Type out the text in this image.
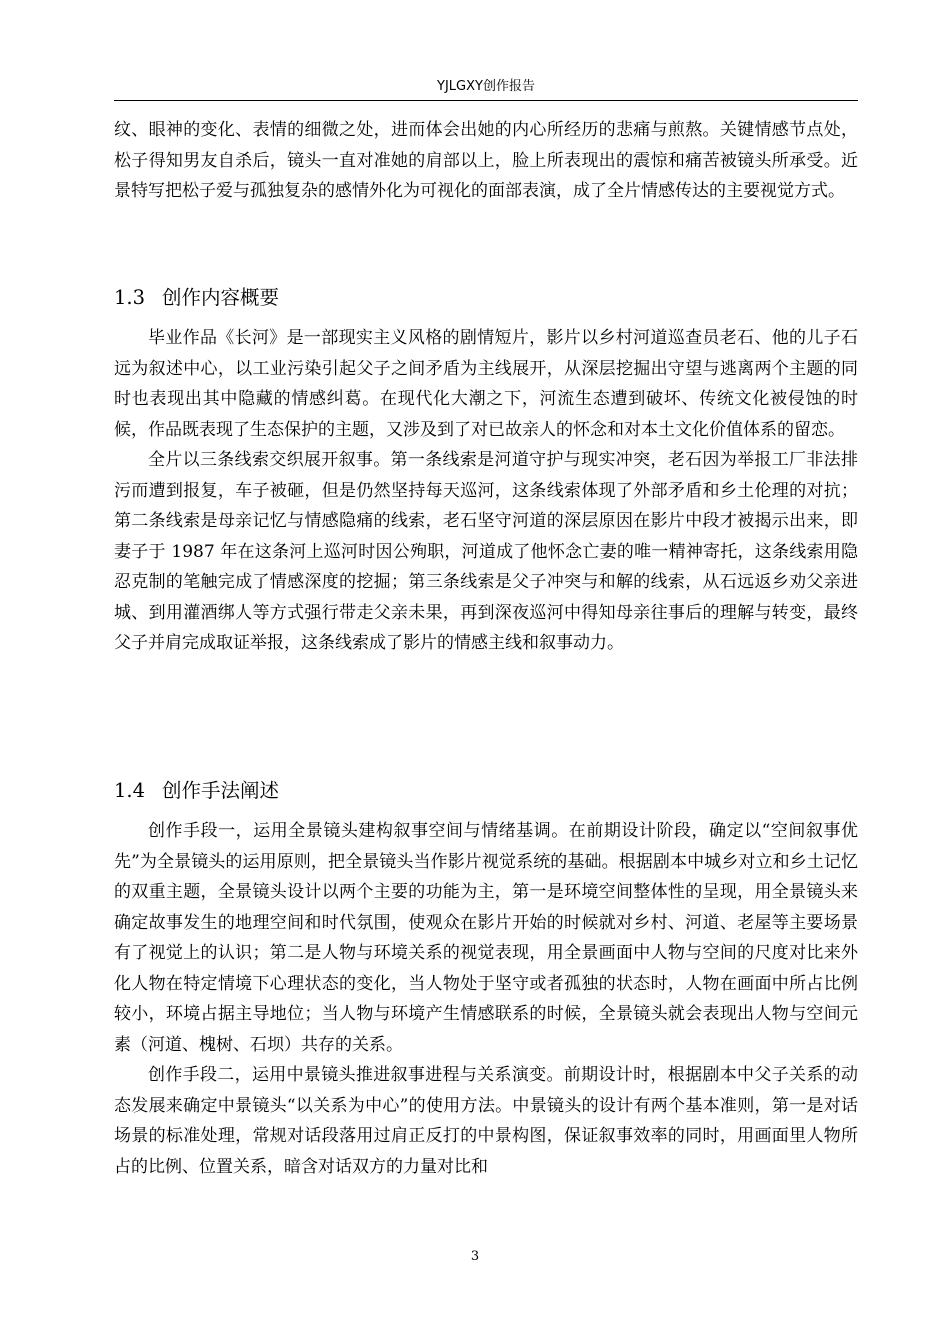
YJLGXY创作报告

纹、眼神的变化、表情的细微之处，进而体会出她的内心所经历的悲痛与煎熬。关键情感节点处，松子得知男友自杀后，镜头一直对准她的肩部以上，脸上所表现出的震惊和痛苦被镜头所承受。近景特写把松子爱与孤独复杂的感情外化为可视化的面部表演，成了全片情感传达的主要视觉方式。

1.3 创作内容概要

毕业作品《长河》是一部现实主义风格的剧情短片，影片以乡村河道巡查员老石、他的儿子石远为叙述中心，以工业污染引起父子之间矛盾为主线展开，从深层挖掘出守望与逃离两个主题的同时也表现出其中隐藏的情感纠葛。在现代化大潮之下，河流生态遭到破坏、传统文化被侵蚀的时候，作品既表现了生态保护的主题，又涉及到了对已故亲人的怀念和对本土文化价值体系的留恋。

全片以三条线索交织展开叙事。第一条线索是河道守护与现实冲突，老石因为举报工厂非法排污而遭到报复，车子被砸，但是仍然坚持每天巡河，这条线索体现了外部矛盾和乡土伦理的对抗；第二条线索是母亲记忆与情感隐痛的线索，老石坚守河道的深层原因在影片中段才被揭示出来，即妻子于 1987 年在这条河上巡河时因公殉职，河道成了他怀念亡妻的唯一精神寄托，这条线索用隐忍克制的笔触完成了情感深度的挖掘；第三条线索是父子冲突与和解的线索，从石远返乡劝父亲进城、到用灌酒绑人等方式强行带走父亲未果，再到深夜巡河中得知母亲往事后的理解与转变，最终父子并肩完成取证举报，这条线索成了影片的情感主线和叙事动力。

1.4 创作手法阐述

创作手段一，运用全景镜头建构叙事空间与情绪基调。在前期设计阶段，确定以“空间叙事优先”为全景镜头的运用原则，把全景镜头当作影片视觉系统的基础。根据剧本中城乡对立和乡土记忆的双重主题，全景镜头设计以两个主要的功能为主，第一是环境空间整体性的呈现，用全景镜头来确定故事发生的地理空间和时代氛围，使观众在影片开始的时候就对乡村、河道、老屋等主要场景有了视觉上的认识；第二是人物与环境关系的视觉表现，用全景画面中人物与空间的尺度对比来外化人物在特定情境下心理状态的变化，当人物处于坚守或者孤独的状态时，人物在画面中所占比例较小，环境占据主导地位；当人物与环境产生情感联系的时候，全景镜头就会表现出人物与空间元素（河道、槐树、石坝）共存的关系。

创作手段二，运用中景镜头推进叙事进程与关系演变。前期设计时，根据剧本中父子关系的动态发展来确定中景镜头“以关系为中心”的使用方法。中景镜头的设计有两个基本准则，第一是对话场景的标准处理，常规对话段落用过肩正反打的中景构图，保证叙事效率的同时，用画面里人物所占的比例、位置关系，暗含对话双方的力量对比和

3
